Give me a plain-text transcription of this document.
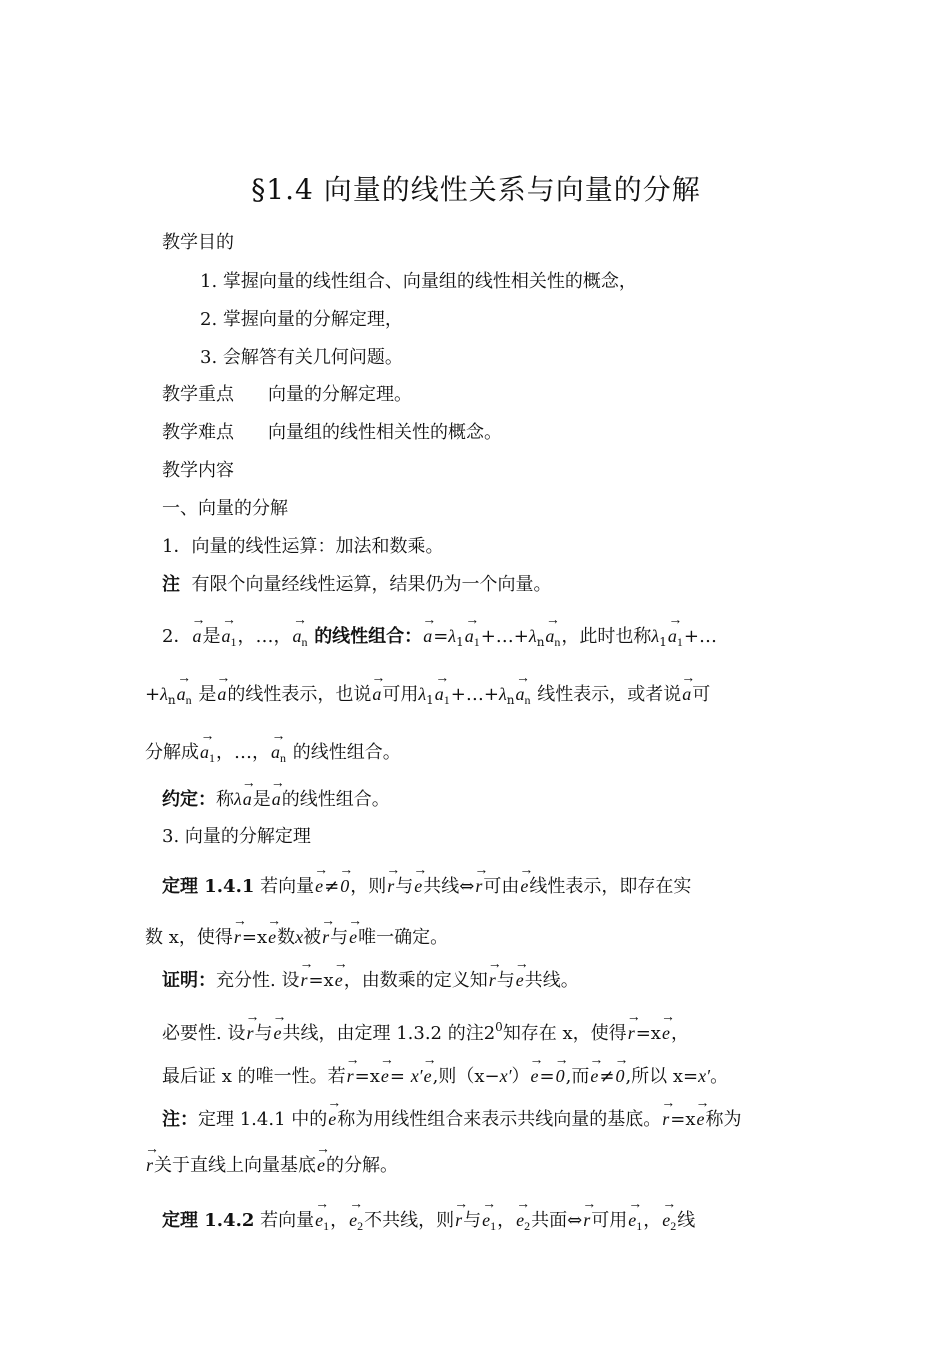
§1.4 向量的线性关系与向量的分解
教学目的
1. 掌握向量的线性组合、向量组的线性相关性的概念，
2. 掌握向量的分解定理，
3. 会解答有关几何问题。
教学重点 向量的分解定理。
教学难点 向量组的线性相关性的概念。
教学内容
一、向量的分解
1．向量的线性运算：加法和数乘。
注 有限个向量经线性运算，结果仍为一个向量。
2．→ a是→ $a_1$，…，→ $a_n$ 的线性组合：→ $a=\lambda_1\to$ $a_1+\dots+\lambda_n\to a_n$，此时也称$\lambda_1\to$ $a_1+\dots$
$+\lambda_n\to a_n$ 是→ a的线性表示，也说→ a可用$\lambda_1\to$ $a_1+\dots+\lambda_n\to a_n$ 线性表示，或者说→ a可
分解成→ $a_1$，…，→ $a_n$ 的线性组合。
约定：称λ→ a是→ a的线性组合。
3. 向量的分解定理
定理 1.4.1 若向量→ e≠→ 0，则→ r与→ e共线⇔→ r可由→ e线性表示，即存在实
数 x，使得→ r=x→ e数x被→ r与→ e唯一确定。
证明：充分性. 设→ r=x→ e，由数乘的定义知→ r与→ e共线。
必要性. 设→ r与→ e共线，由定理 1.3.2 的注$2^0$知存在 x，使得→ r=x→ e，
最后证 x 的唯一性。若→ r=x→ e= x′→ e,则（x−x′）→ e=→ 0,而→ e≠→ 0,所以 x=x′。
注：定理 1.4.1 中的→ e称为用线性组合来表示共线向量的基底。→ r=x→ e称为
→ r关于直线上向量基底→ e的分解。
定理 1.4.2 若向量→ $e_1$，→ $e_2$不共线，则→ r与→ $e_1$，→ $e_2$共面⇔→ r可用→ $e_1$，→ $e_2$线
